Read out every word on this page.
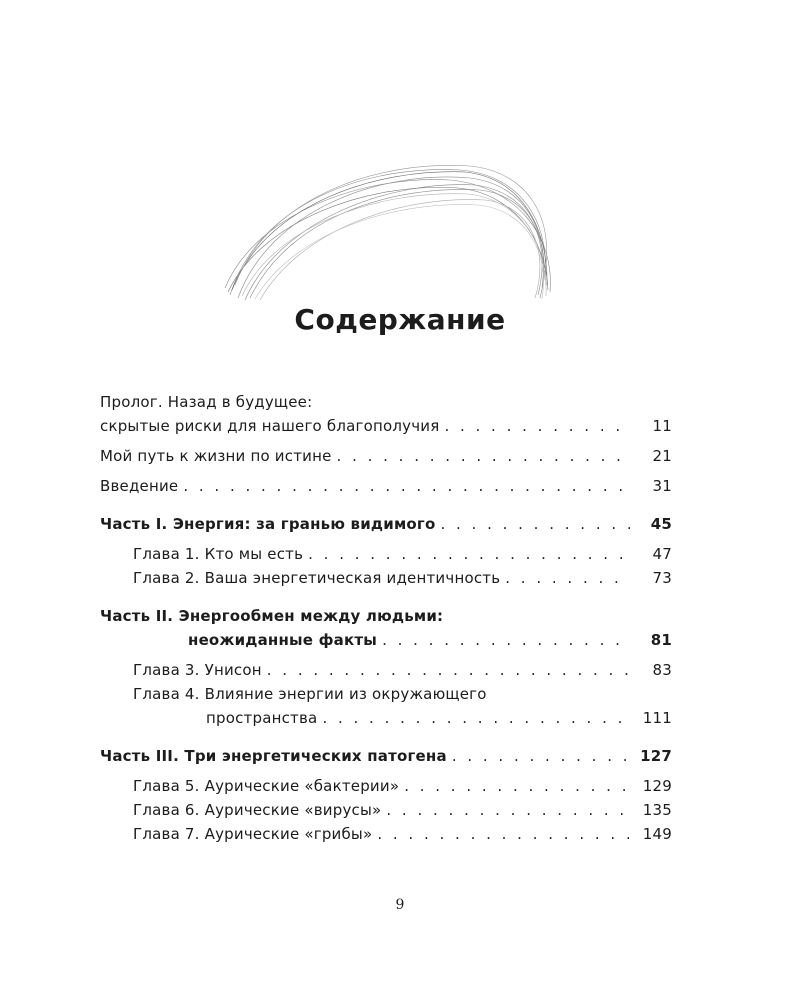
Содержание
Пролог. Назад в будущее:
скрытые риски для нашего благополучия . . .	11
Мой путь к жизни по истине . . .	21
Введение . . .	31
Часть I. Энергия: за гранью видимого . . .	45
Глава 1. Кто мы есть . . .	47
Глава 2. Ваша энергетическая идентичность . . .	73
Часть II. Энергообмен между людьми:
неожиданные факты . . .	81
Глава 3. Унисон . . .	83
Глава 4. Влияние энергии из окружающего
пространства . . .	111
Часть III. Три энергетических патогена . . .	127
Глава 5. Аурические «бактерии» . . .	129
Глава 6. Аурические «вирусы» . . .	135
Глава 7. Аурические «грибы» . . .	149
9
